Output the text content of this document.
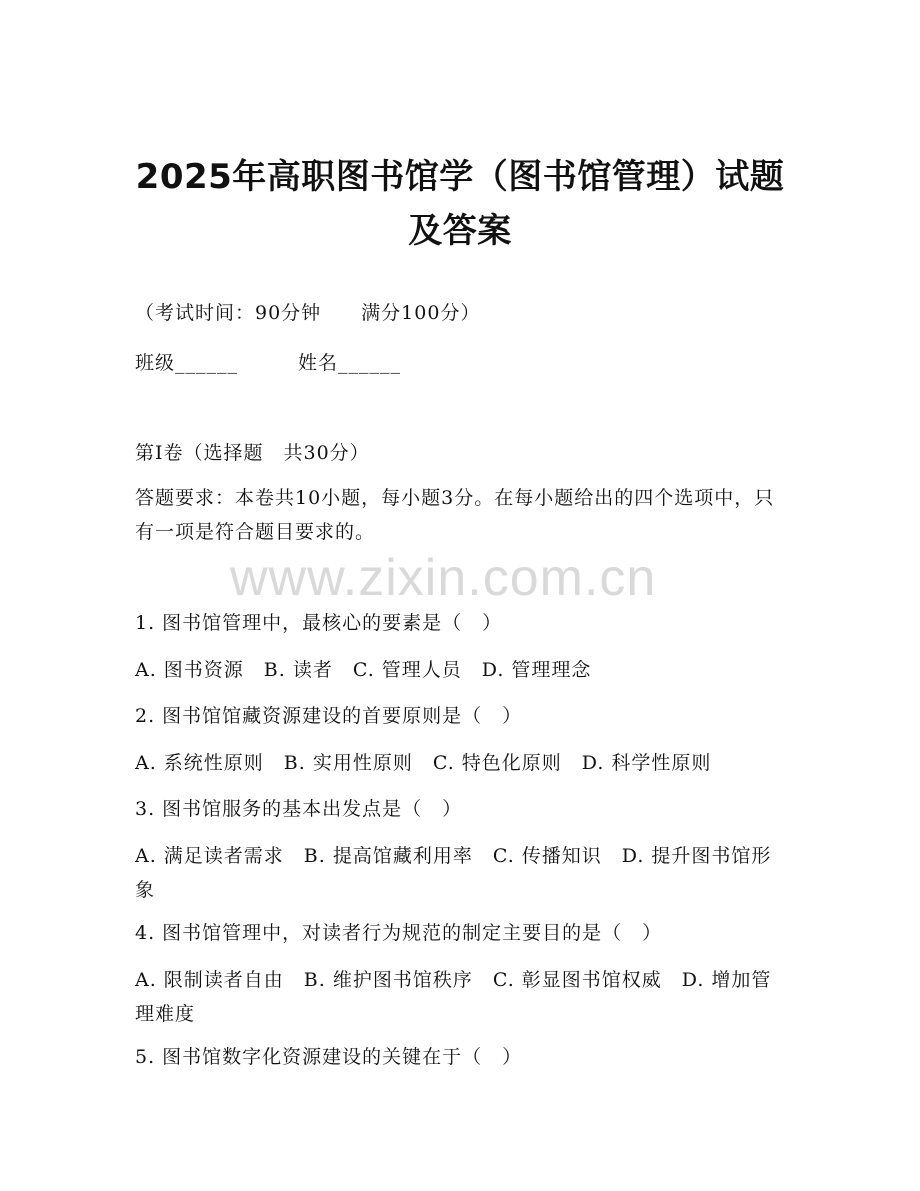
2025年高职图书馆学（图书馆管理）试题及答案
（考试时间：90分钟　　满分100分）
班级______	姓名______
第I卷（选择题　共30分）
答题要求：本卷共10小题，每小题3分。在每小题给出的四个选项中，只有一项是符合题目要求的。
www.zixin.com.cn
1. 图书馆管理中，最核心的要素是（　）
A. 图书资源　B. 读者　C. 管理人员　D. 管理理念
2. 图书馆馆藏资源建设的首要原则是（　）
A. 系统性原则　B. 实用性原则　C. 特色化原则　D. 科学性原则
3. 图书馆服务的基本出发点是（　）
A. 满足读者需求　B. 提高馆藏利用率　C. 传播知识　D. 提升图书馆形象
4. 图书馆管理中，对读者行为规范的制定主要目的是（　）
A. 限制读者自由　B. 维护图书馆秩序　C. 彰显图书馆权威　D. 增加管理难度
5. 图书馆数字化资源建设的关键在于（　）
